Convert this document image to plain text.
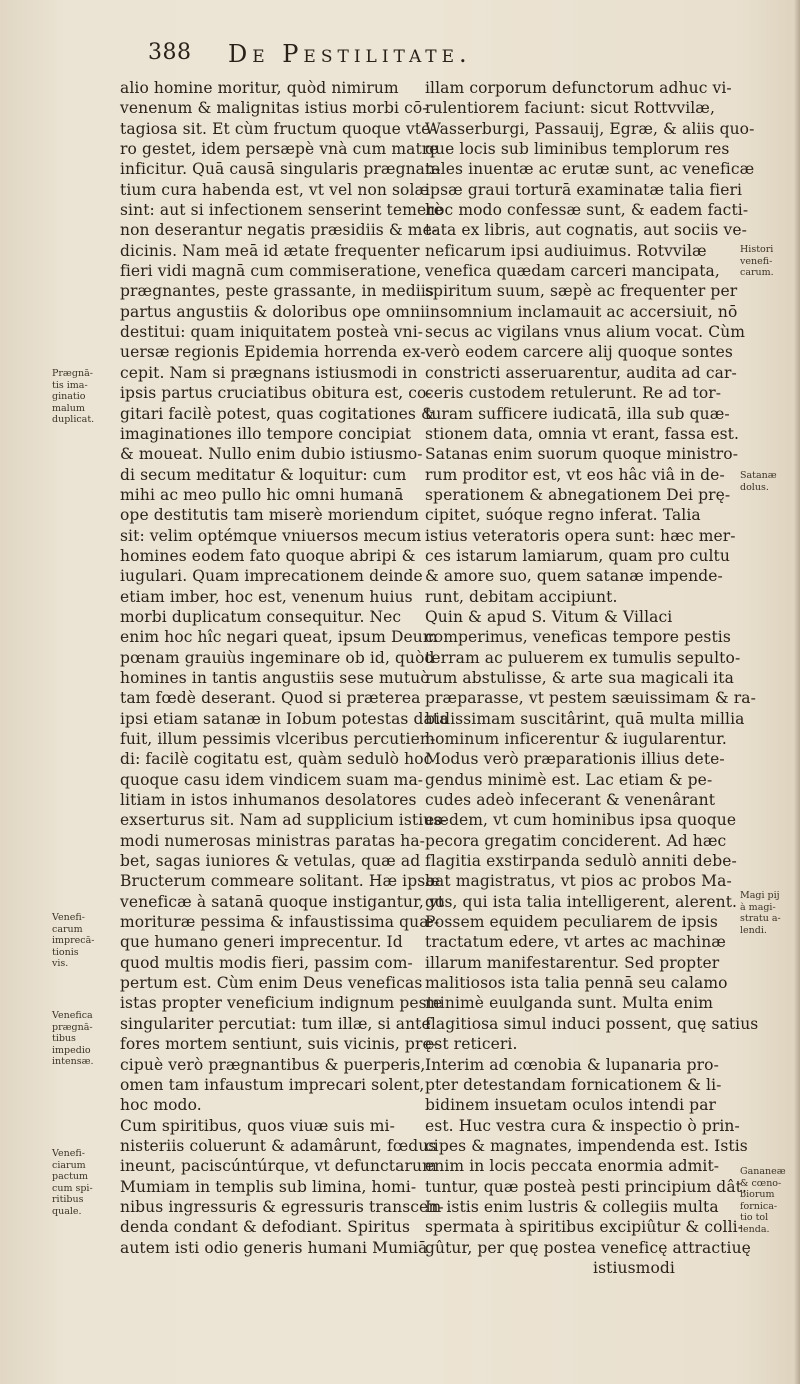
388 De Pestilitate.
alio homine moritur, quòd nimirum
venenum & malignitas istius morbi cō-
tagiosa sit. Et cùm fructum quoque vte-
ro gestet, idem persæpè vnà cum matre
inficitur. Quā causā singularis prægnan-
tium cura habenda est, vt vel non solæ
sint: aut si infectionem senserint temerè
non deserantur negatis præsidiis & me-
dicinis. Nam meā id ætate frequenter
fieri vidi magnā cum commiseratione,
prægnantes, peste grassante, in mediis
partus angustiis & doloribus ope omni
destitui: quam iniquitatem posteà vni-
uersæ regionis Epidemia horrenda ex-
cepit. Nam si prægnans istiusmodi in
ipsis partus cruciatibus obitura est, co-
gitari facilè potest, quas cogitationes &
imaginationes illo tempore concipiat
& moueat. Nullo enim dubio istiusmo-
di secum meditatur & loquitur: cum
mihi ac meo pullo hic omni humanā
ope destitutis tam miserè moriendum
sit: velim optémque vniuersos mecum
homines eodem fato quoque abripi &
iugulari. Quam imprecationem deinde
etiam imber, hoc est, venenum huius
morbi duplicatum consequitur. Nec
enim hoc hîc negari queat, ipsum Deum
pœnam grauiùs ingeminare ob id, quòd
homines in tantis angustiis sese mutuò
tam fœdè deserant. Quod si præterea
ipsi etiam satanæ in Iobum potestas data
fuit, illum pessimis vlceribus percutien-
di: facilè cogitatu est, quàm sedulò hoc
quoque casu idem vindicem suam ma-
litiam in istos inhumanos desolatores
exserturus sit. Nam ad supplicium istius-
modi numerosas ministras paratas ha-
bet, sagas iuniores & vetulas, quæ ad
Bructerum commeare solitant. Hæ ipsæ
veneficæ à satanā quoque instigantur, vt
morituræ pessima & infaustissima quæ-
que humano generi imprecentur. Id
quod multis modis fieri, passim com-
pertum est. Cùm enim Deus veneficas
istas propter veneficium indignum peste
singulariter percutiat: tum illæ, si ante
fores mortem sentiunt, suis vicinis, prę-
cipuè verò prægnantibus & puerperis,
omen tam infaustum imprecari solent,
hoc modo.
Cum spiritibus, quos viuæ suis mi-
nisteriis coluerunt & adamârunt, fœdus
ineunt, paciscúntúrque, vt defunctarum
Mumiam in templis sub limina, homi-
nibus ingressuris & egressuris transcen-
denda condant & defodiant. Spiritus
autem isti odio generis humani Mumiā
illam corporum defunctorum adhuc vi-
rulentiorem faciunt: sicut Rottvvilæ,
Wasserburgi, Passauij, Egræ, & aliis quo-
que locis sub liminibus templorum res
tales inuentæ ac erutæ sunt, ac veneficæ
ipsæ graui torturā examinatæ talia fieri
hoc modo confessæ sunt, & eadem facti-
tata ex libris, aut cognatis, aut sociis ve-
neficarum ipsi audiuimus. Rotvvilæ
venefica quædam carceri mancipata,
spiritum suum, sæpè ac frequenter per
insomnium inclamauit ac accersiuit, nō
secus ac vigilans vnus alium vocat. Cùm
verò eodem carcere alij quoque sontes
constricti asseruarentur, audita ad car-
ceris custodem retulerunt. Re ad tor-
turam sufficere iudicatā, illa sub quæ-
stionem data, omnia vt erant, fassa est.
Satanas enim suorum quoque ministro-
rum proditor est, vt eos hâc viâ in de-
sperationem & abnegationem Dei prę-
cipitet, suóque regno inferat. Talia
istius veteratoris opera sunt: hæc mer-
ces istarum lamiarum, quam pro cultu
& amore suo, quem satanæ impende-
runt, debitam accipiunt.
Quin & apud S. Vitum & Villaci
comperimus, veneficas tempore pestis
terram ac puluerem ex tumulis sepulto-
rum abstulisse, & arte sua magicali ita
præparasse, vt pestem sæuissimam & ra-
bidissimam suscitârint, quā multa millia
hominum inficerentur & iugularentur.
Modus verò præparationis illius dete-
gendus minimè est. Lac etiam & pe-
cudes adeò infecerant & venenârant
eædem, vt cum hominibus ipsa quoque
pecora gregatim conciderent. Ad hæc
flagitia exstirpanda sedulò anniti debe-
bat magistratus, vt pios ac probos Ma-
gos, qui ista talia intelligerent, alerent.
Possem equidem peculiarem de ipsis
tractatum edere, vt artes ac machinæ
illarum manifestarentur. Sed propter
malitiosos ista talia pennā seu calamo
minimè euulganda sunt. Multa enim
flagitiosa simul induci possent, quę satius
est reticeri.
Interim ad cœnobia & lupanaria pro-
pter detestandam fornicationem & li-
bidinem insuetam oculos intendi par
est. Huc vestra cura & inspectio ò prin-
cipes & magnates, impendenda est. Istis
enim in locis peccata enormia admit-
tuntur, quæ posteà pesti principium dât.
In istis enim lustris & collegiis multa
spermata à spiritibus excipiûtur & colli-
gûtur, per quę postea veneficę attractiuę
istiusmodi
Prægnā-
tis ima-
ginatio
malum
duplicat.
Venefi-
carum
imprecā-
tionis
vis.
Venefica
prægnā-
tibus
impedio
intensæ.
Venefi-
ciarum
pactum
cum spi-
ritibus
quale.
Histori
venefi-
carum.
Satanæ
dolus.
Magi pij
à magi-
stratu a-
lendi.
Gananeæ
& cœno-
biorum
fornica-
tio tol
lenda.
